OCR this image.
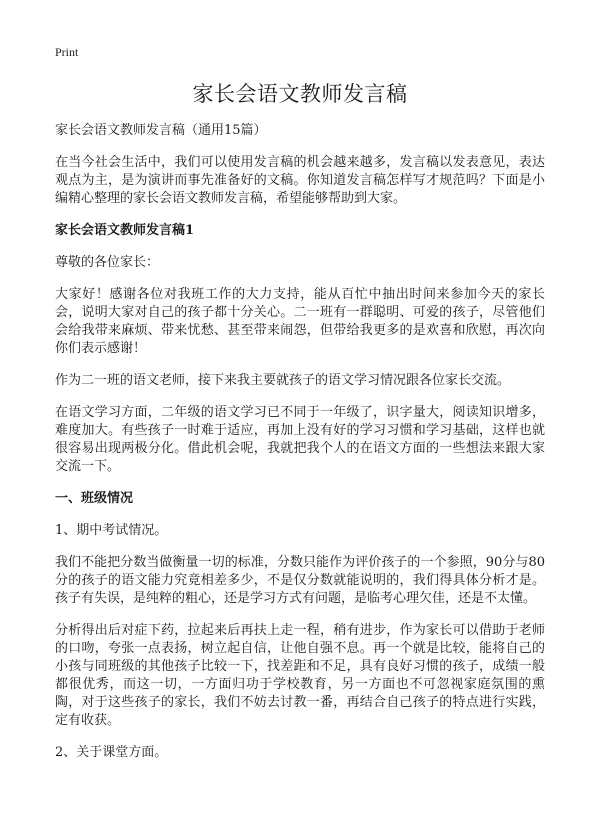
Print
家长会语文教师发言稿

家长会语文教师发言稿（通用15篇）

在当今社会生活中，我们可以使用发言稿的机会越来越多，发言稿以发表意见，表达观点为主，是为演讲而事先准备好的文稿。你知道发言稿怎样写才规范吗？下面是小编精心整理的家长会语文教师发言稿，希望能够帮助到大家。

家长会语文教师发言稿1

尊敬的各位家长：

大家好！感谢各位对我班工作的大力支持，能从百忙中抽出时间来参加今天的家长会，说明大家对自己的孩子都十分关心。二一班有一群聪明、可爱的孩子，尽管他们会给我带来麻烦、带来忧愁、甚至带来闹怨，但带给我更多的是欢喜和欣慰，再次向你们表示感谢！

作为二一班的语文老师，接下来我主要就孩子的语文学习情况跟各位家长交流。

在语文学习方面，二年级的语文学习已不同于一年级了，识字量大，阅读知识增多，难度加大。有些孩子一时难于适应，再加上没有好的学习习惯和学习基础，这样也就很容易出现两极分化。借此机会呢，我就把我个人的在语文方面的一些想法来跟大家交流一下。

一、班级情况

1、期中考试情况。

我们不能把分数当做衡量一切的标准，分数只能作为评价孩子的一个参照，90分与80分的孩子的语文能力究竟相差多少，不是仅分数就能说明的，我们得具体分析才是。孩子有失误，是纯粹的粗心，还是学习方式有问题，是临考心理欠佳，还是不太懂。

分析得出后对症下药，拉起来后再扶上走一程，稍有进步，作为家长可以借助于老师的口吻，夸张一点表扬，树立起自信，让他自强不息。再一个就是比较，能将自己的小孩与同班级的其他孩子比较一下，找差距和不足，具有良好习惯的孩子，成绩一般都很优秀，而这一切，一方面归功于学校教育，另一方面也不可忽视家庭氛围的熏陶，对于这些孩子的家长，我们不妨去讨教一番，再结合自己孩子的特点进行实践，定有收获。

2、关于课堂方面。
